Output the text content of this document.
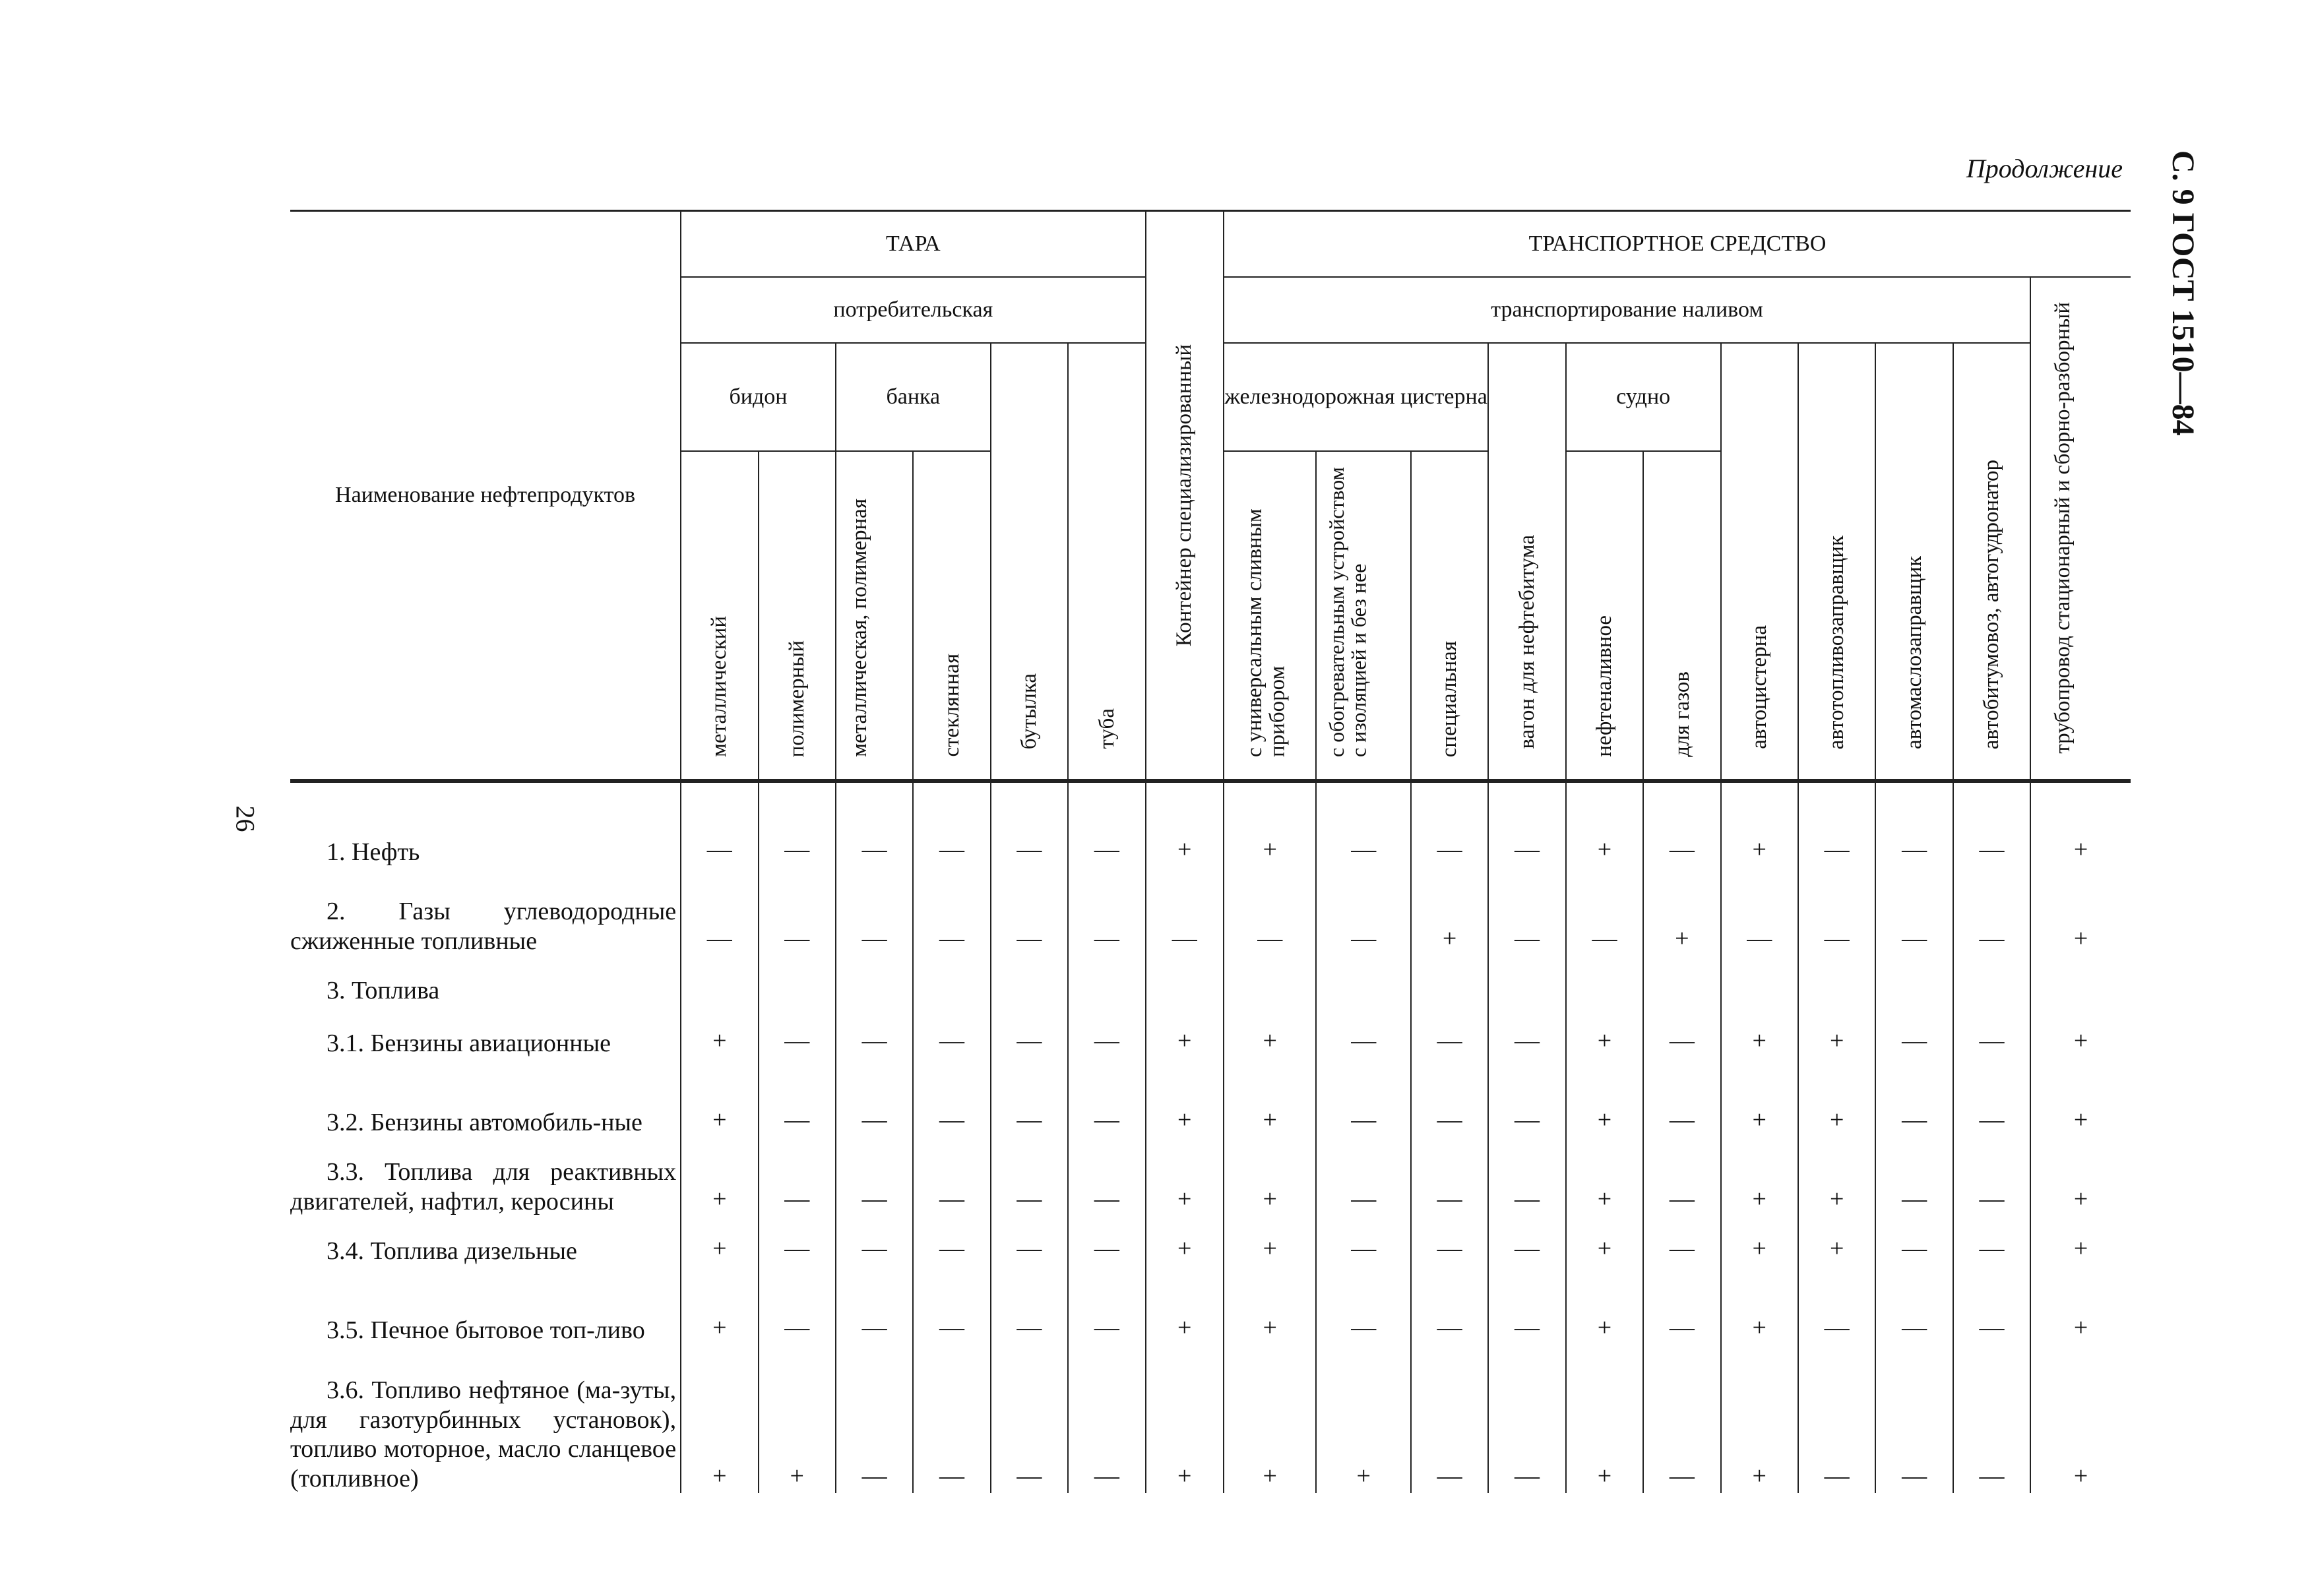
Продолжение С. 9 ГОСТ 1510—84
26
Наименование нефтепродуктов	ТАРА						Контейнер специализированный	ТРАНСПОРТНОЕ СРЕДСТВО										
	потребительская							транспортирование наливом										трубопровод стационарный и сборно-разборный

	бидон		банка		бутылка	туба		железнодорожная цистерна			вагон для нефтебитума	судно		автоцистерна	автотопливозаправщик	автомаслозаправщик	автобитумовоз, автогудронатор	

	металлический	полимерный	металлическая, полимерная	стеклянная				с универсальным сливным прибором	с обогревательным устройством с изоляцией и без нее	специальная		нефтеналивное	для газов					

1. Нефть	—	—	—	—	—	—	+	+	—	—	—	+	—	+	—	—	—	+
2. Газы углеводородные сжиженные топливные	—	—	—	—	—	—	—	—	—	+	—	—	+	—	—	—	—	+
3. Топлива																		
3.1. Бензины авиационные	+	—	—	—	—	—	+	+	—	—	—	+	—	+	+	—	—	+
3.2. Бензины автомобиль-ные	+	—	—	—	—	—	+	+	—	—	—	+	—	+	+	—	—	+
3.3. Топлива для реактивных двигателей, нафтил, керосины	+	—	—	—	—	—	+	+	—	—	—	+	—	+	+	—	—	+
3.4. Топлива дизельные	+	—	—	—	—	—	+	+	—	—	—	+	—	+	+	—	—	+
3.5. Печное бытовое топ-ливо	+	—	—	—	—	—	+	+	—	—	—	+	—	+	—	—	—	+
3.6. Топливо нефтяное (ма-зуты, для газотурбинных установок), топливо моторное, масло сланцевое (топливное)	+	+	—	—	—	—	+	+	+	—	—	+	—	+	—	—	—	+
